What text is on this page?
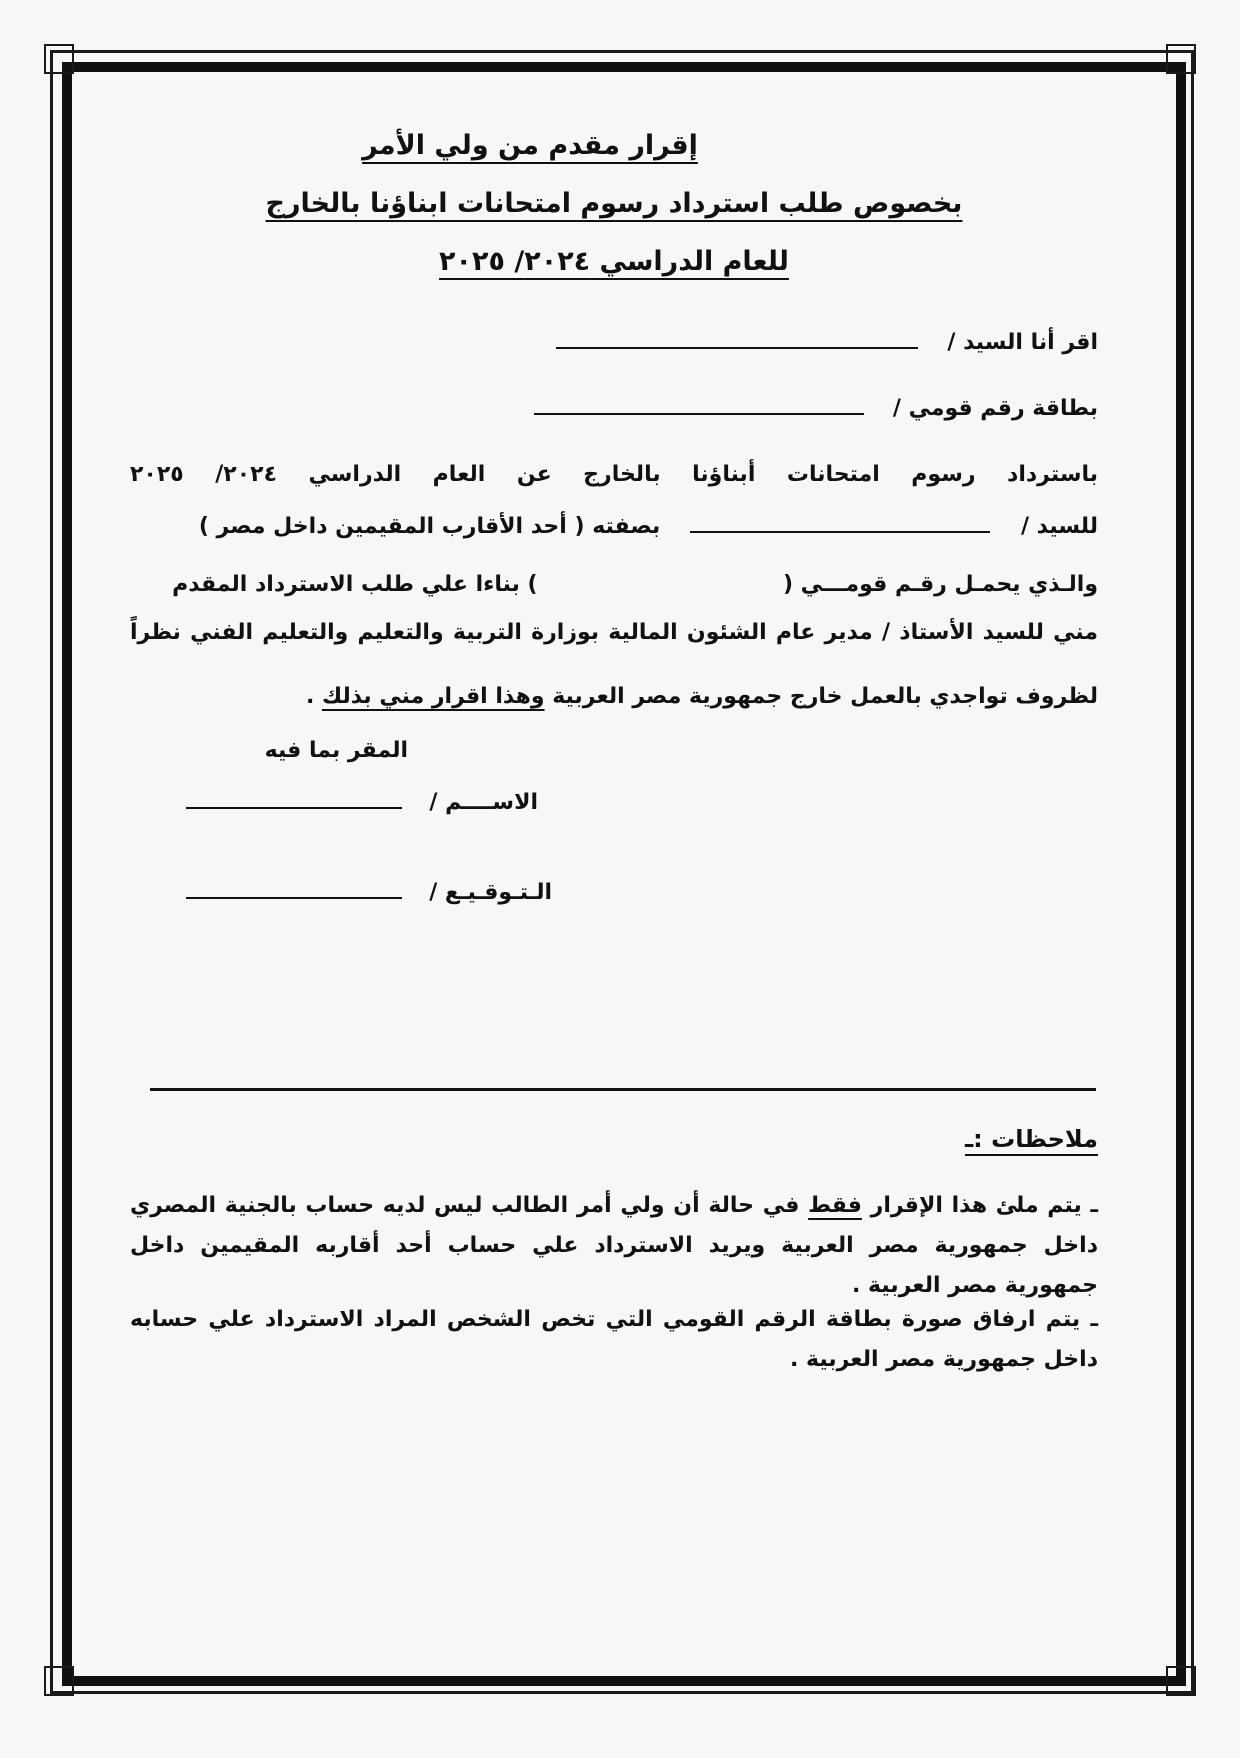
إقرار مقدم من ولي الأمر
بخصوص طلب استرداد رسوم امتحانات ابناؤنا بالخارج
للعام الدراسي ٢٠٢٤/ ٢٠٢٥
اقر أنا السيد /
بطاقة رقم قومي /
باسترداد رسوم امتحانات أبناؤنا بالخارج عن العام الدراسي ٢٠٢٤/ ٢٠٢٥
للسيد /    بصفته ( أحد الأقارب المقيمين داخل مصر )
والـذي يحمـل رقـم قومـــي (  ) بناءا علي طلب الاسترداد المقدم
مني للسيد الأستاذ / مدير عام الشئون المالية بوزارة التربية والتعليم والتعليم الفني نظراً
لظروف تواجدي بالعمل خارج جمهورية مصر العربية وهذا اقرار مني بذلك .
المقر بما فيه
الاســــم /
الـتـوقـيـع /
ملاحظات :ـ
ـ يتم ملئ هذا الإقرار فقط في حالة أن ولي أمر الطالب ليس لديه حساب بالجنية المصري داخل جمهورية مصر العربية ويريد الاسترداد علي حساب أحد أقاربه المقيمين داخل جمهورية مصر العربية .
ـ يتم ارفاق صورة بطاقة الرقم القومي التي تخص الشخص المراد الاسترداد علي حسابه داخل جمهورية مصر العربية .
